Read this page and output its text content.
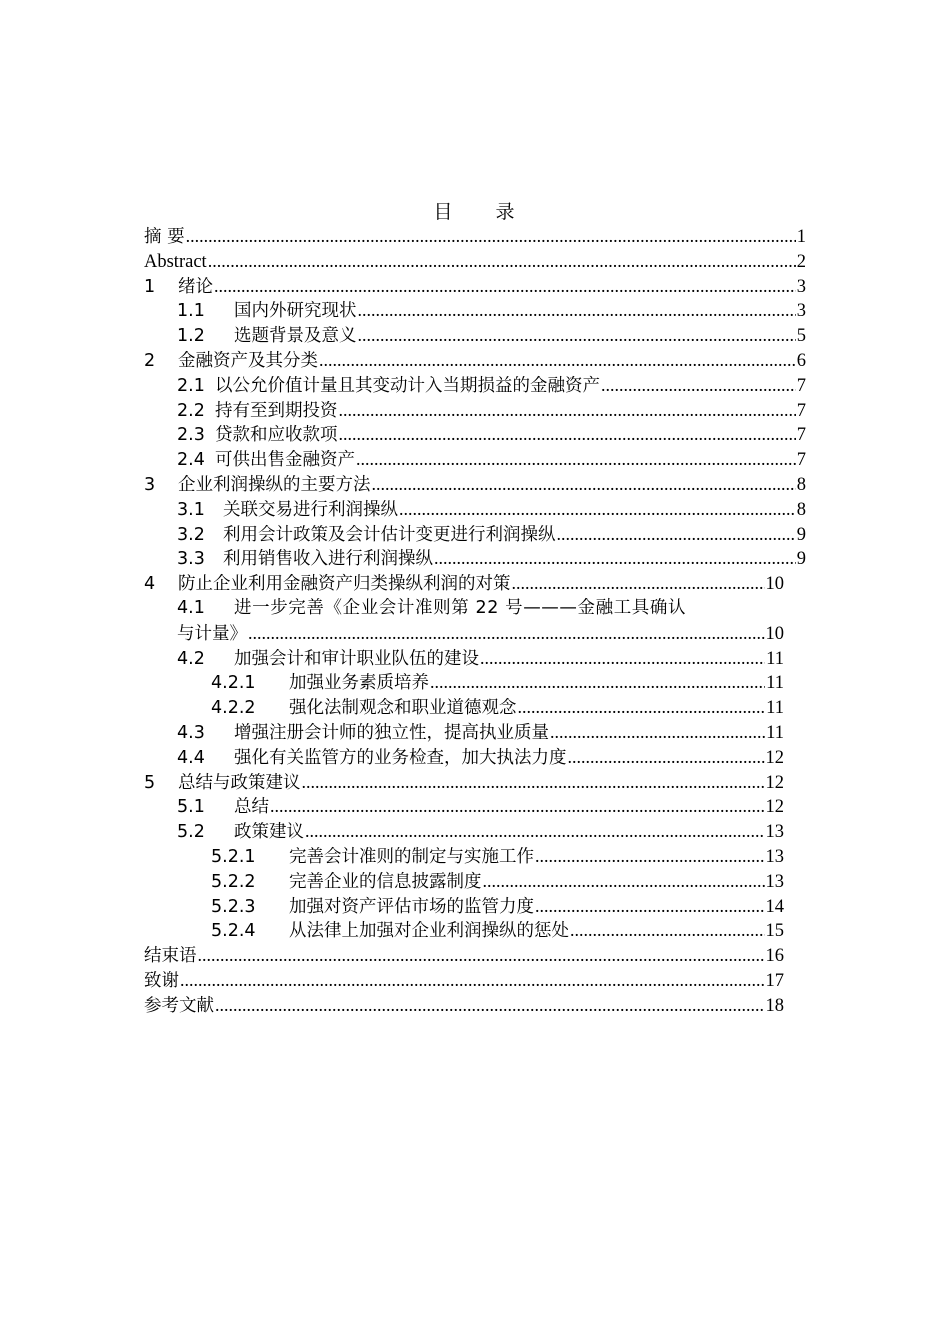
目　录
摘 要 .....	1
Abstract .....	2
1	绪论 .....	3
1.1	国内外研究现状 .....	3
1.2	选题背景及意义 .....	5
2	金融资产及其分类 .....	6
2.1 以公允价值计量且其变动计入当期损益的金融资产 .....	7
2.2 持有至到期投资 .....	7
2.3 贷款和应收款项 .....	7
2.4 可供出售金融资产 .....	7
3	企业利润操纵的主要方法 .....	8
3.1	关联交易进行利润操纵 .....	8
3.2	利用会计政策及会计估计变更进行利润操纵 .....	9
3.3	利用销售收入进行利润操纵 .....	9
4	防止企业利用金融资产归类操纵利润的对策 .....	10
4.1	进一步完善《企业会计准则第 22 号———金融工具确认
与计量》 .....	10
4.2	加强会计和审计职业队伍的建设 .....	11
4.2.1	加强业务素质培养 .....	11
4.2.2	强化法制观念和职业道德观念 .....	11
4.3	增强注册会计师的独立性，提高执业质量 .....	11
4.4	强化有关监管方的业务检查，加大执法力度 .....	12
5	总结与政策建议 .....	12
5.1	总结 .....	12
5.2	政策建议 .....	13
5.2.1	完善会计准则的制定与实施工作 .....	13
5.2.2	完善企业的信息披露制度 .....	13
5.2.3	加强对资产评估市场的监管力度 .....	14
5.2.4	从法律上加强对企业利润操纵的惩处 .....	15
结束语 .....	16
致谢 .....	17
参考文献 .....	18
